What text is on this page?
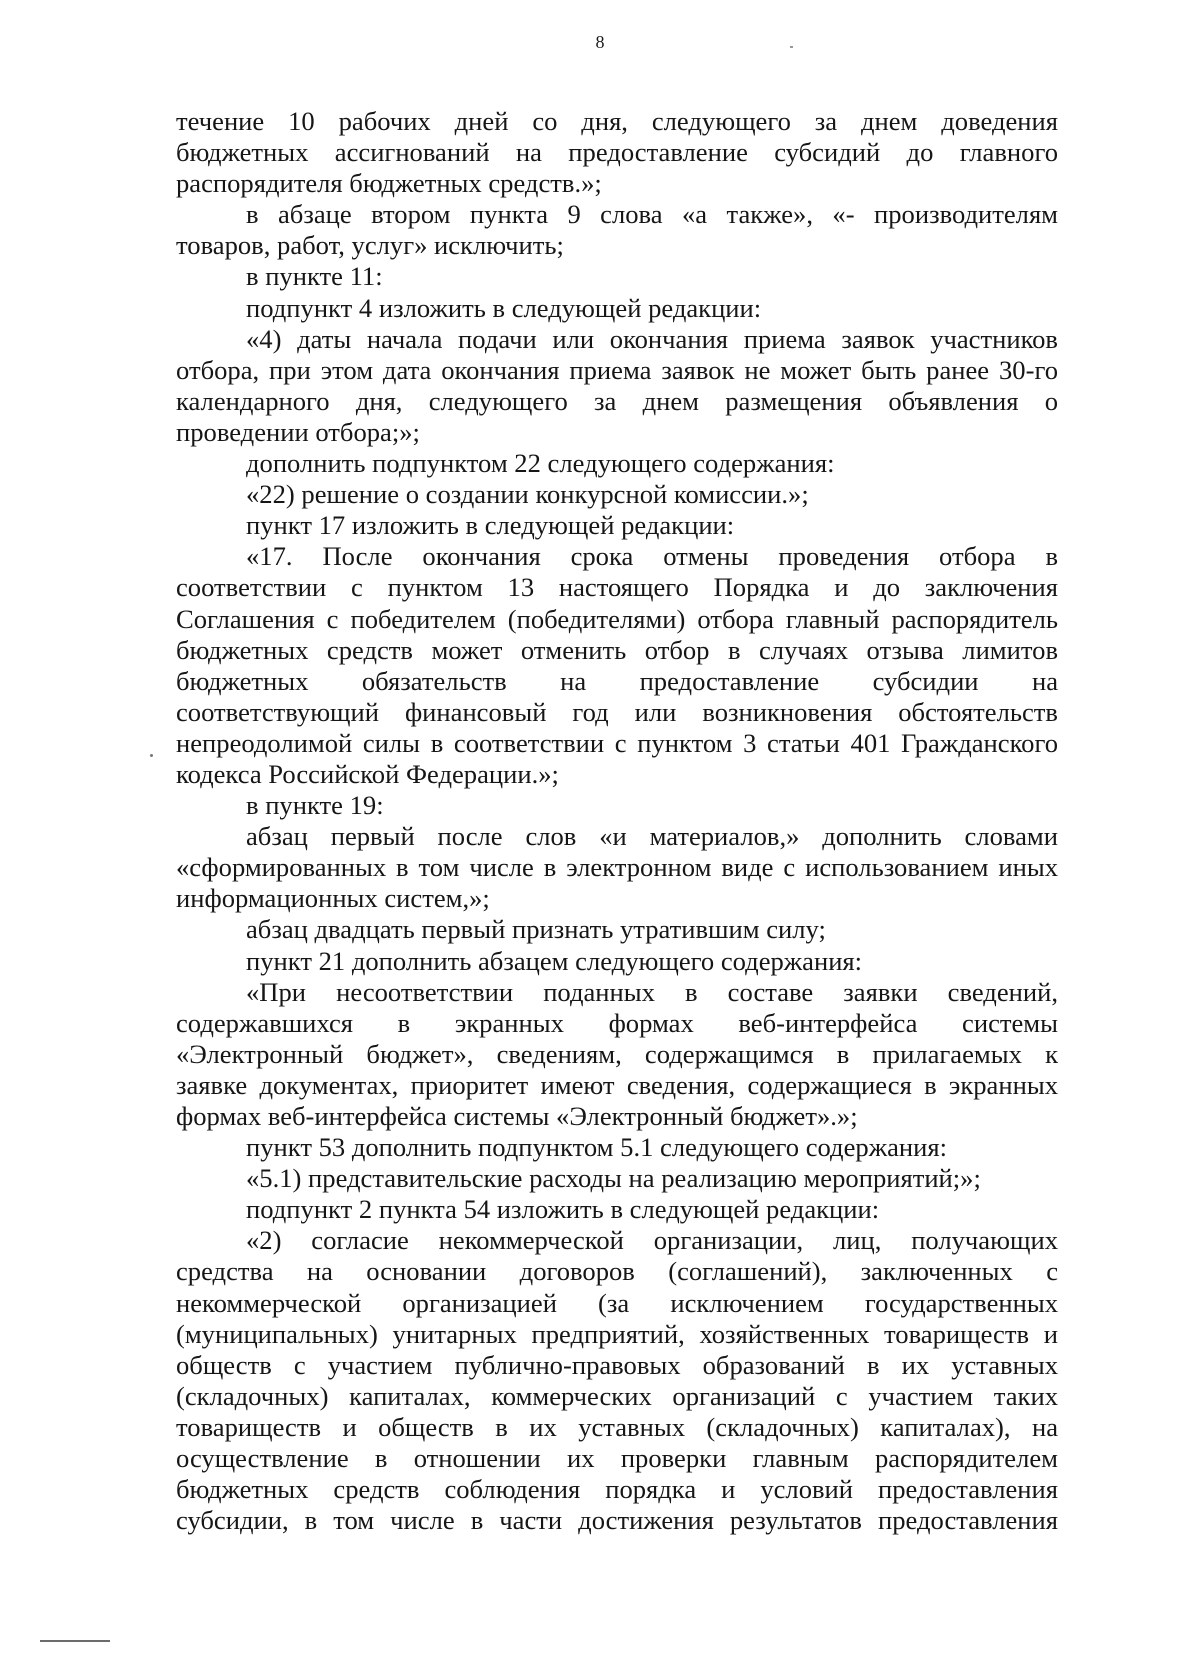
8
течение 10 рабочих дней со дня, следующего за днем доведения
бюджетных ассигнований на предоставление субсидий до главного
распорядителя бюджетных средств.»;
в абзаце втором пункта 9 слова «а также», «- производителям
товаров, работ, услуг» исключить;
в пункте 11:
подпункт 4 изложить в следующей редакции:
«4) даты начала подачи или окончания приема заявок участников
отбора, при этом дата окончания приема заявок не может быть ранее 30-го
календарного дня, следующего за днем размещения объявления о
проведении отбора;»;
дополнить подпунктом 22 следующего содержания:
«22) решение о создании конкурсной комиссии.»;
пункт 17 изложить в следующей редакции:
«17. После окончания срока отмены проведения отбора в
соответствии с пунктом 13 настоящего Порядка и до заключения
Соглашения с победителем (победителями) отбора главный распорядитель
бюджетных средств может отменить отбор в случаях отзыва лимитов
бюджетных обязательств на предоставление субсидии на
соответствующий финансовый год или возникновения обстоятельств
непреодолимой силы в соответствии с пунктом 3 статьи 401 Гражданского
кодекса Российской Федерации.»;
в пункте 19:
абзац первый после слов «и материалов,» дополнить словами
«сформированных в том числе в электронном виде с использованием иных
информационных систем,»;
абзац двадцать первый признать утратившим силу;
пункт 21 дополнить абзацем следующего содержания:
«При несоответствии поданных в составе заявки сведений,
содержавшихся в экранных формах веб-интерфейса системы
«Электронный бюджет», сведениям, содержащимся в прилагаемых к
заявке документах, приоритет имеют сведения, содержащиеся в экранных
формах веб-интерфейса системы «Электронный бюджет».»;
пункт 53 дополнить подпунктом 5.1 следующего содержания:
«5.1) представительские расходы на реализацию мероприятий;»;
подпункт 2 пункта 54 изложить в следующей редакции:
«2) согласие некоммерческой организации, лиц, получающих
средства на основании договоров (соглашений), заключенных с
некоммерческой организацией (за исключением государственных
(муниципальных) унитарных предприятий, хозяйственных товариществ и
обществ с участием публично-правовых образований в их уставных
(складочных) капиталах, коммерческих организаций с участием таких
товариществ и обществ в их уставных (складочных) капиталах), на
осуществление в отношении их проверки главным распорядителем
бюджетных средств соблюдения порядка и условий предоставления
субсидии, в том числе в части достижения результатов предоставления
